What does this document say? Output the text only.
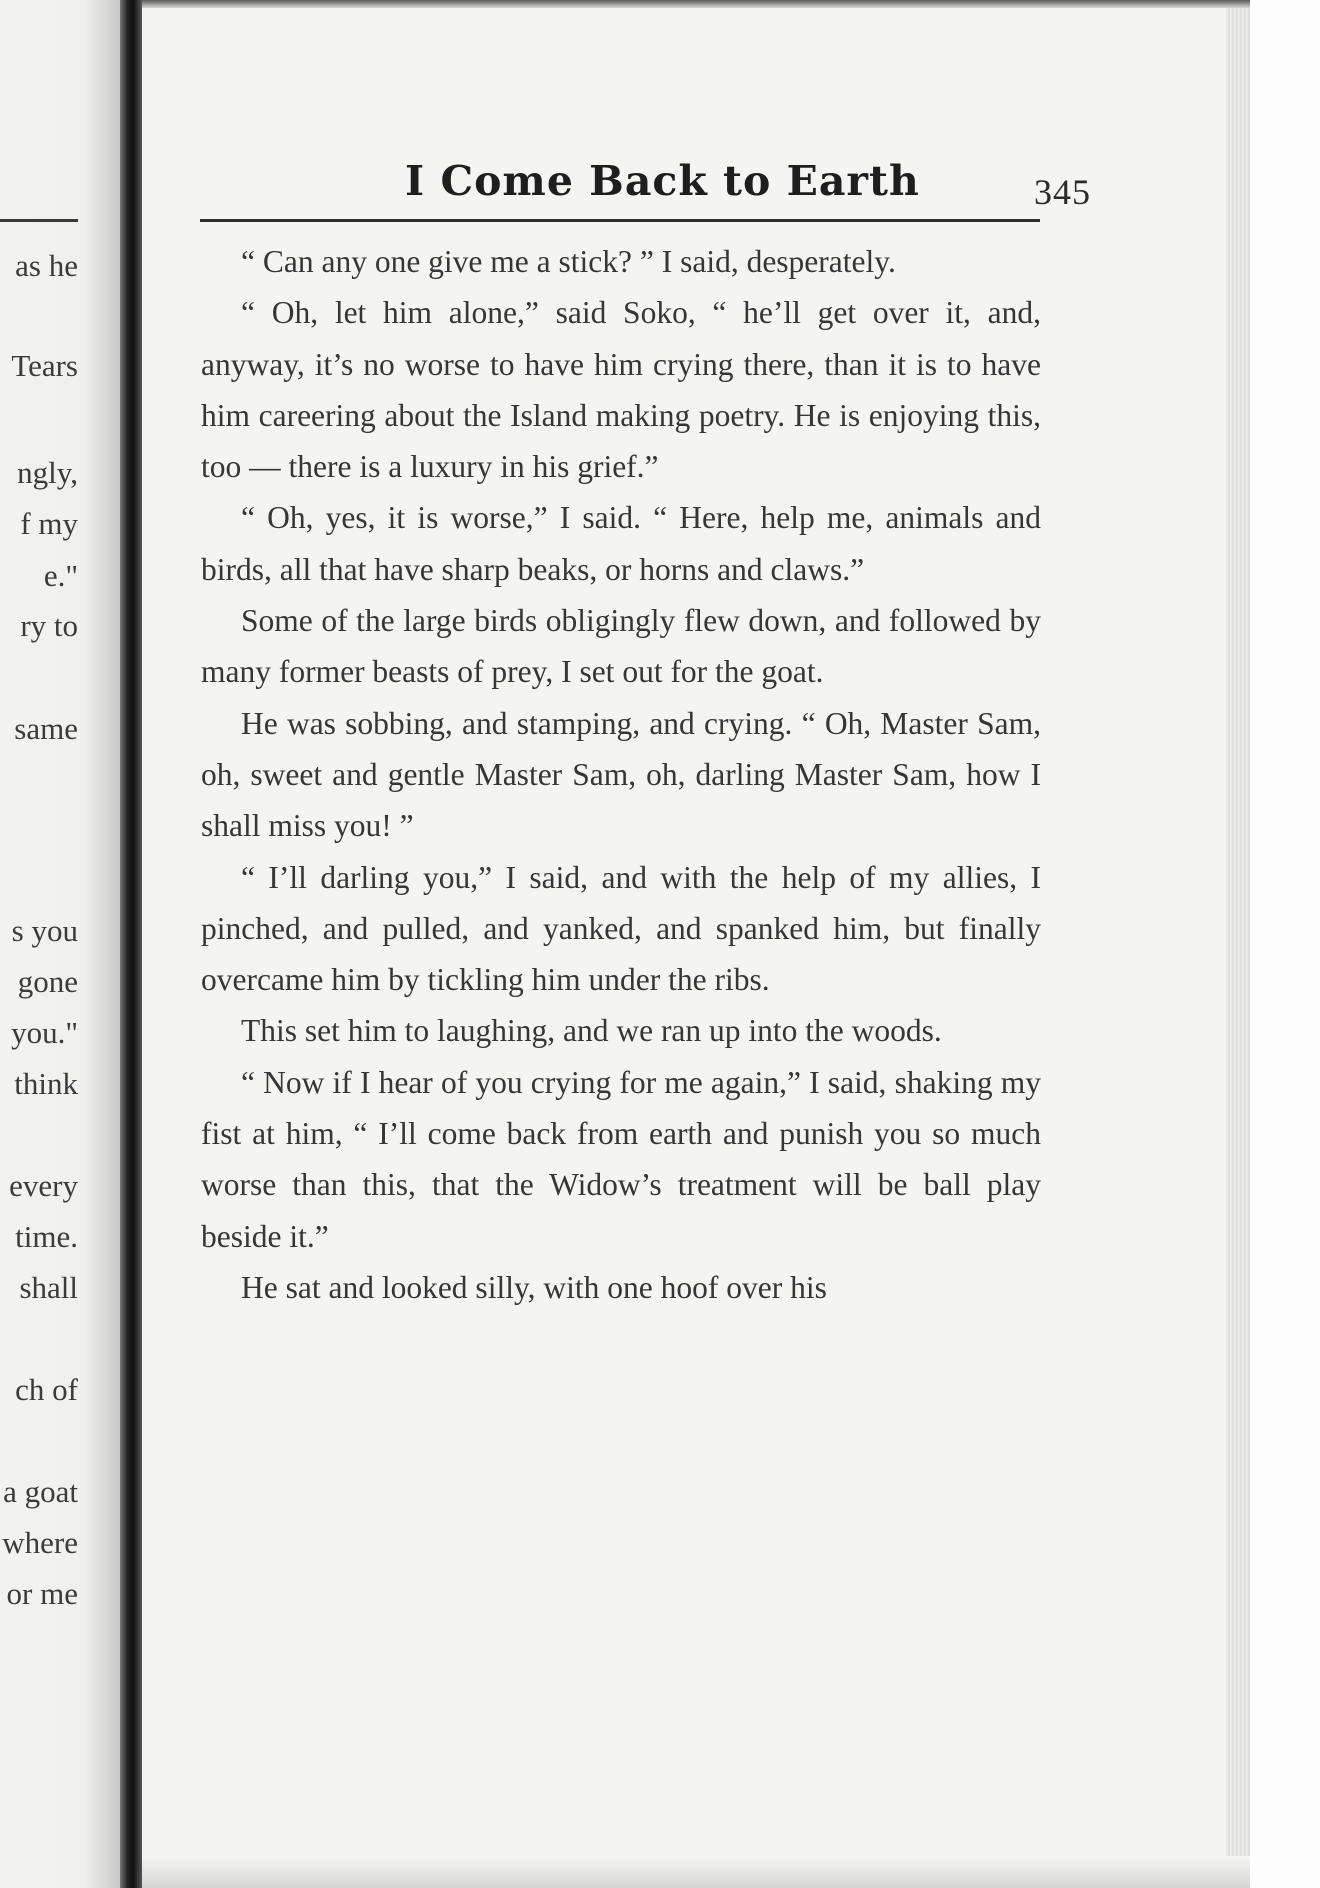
as he
Tears
ngly,
f my
e."
ry to
same
s you
gone
you."
think
every
time.
shall
ch of
a goat
where
or me
I Come Back to Earth	345

“ Can any one give me a stick? ” I said, desperately.

“ Oh, let him alone,” said Soko, “ he’ll get over it, and, anyway, it’s no worse to have him crying there, than it is to have him careering about the Island making poetry. He is enjoying this, too — there is a luxury in his grief.”

“ Oh, yes, it is worse,” I said. “ Here, help me, animals and birds, all that have sharp beaks, or horns and claws.”

Some of the large birds obligingly flew down, and followed by many former beasts of prey, I set out for the goat.

He was sobbing, and stamping, and crying. “ Oh, Master Sam, oh, sweet and gentle Master Sam, oh, darling Master Sam, how I shall miss you! ”

“ I’ll darling you,” I said, and with the help of my allies, I pinched, and pulled, and yanked, and spanked him, but finally overcame him by tickling him under the ribs.

This set him to laughing, and we ran up into the woods.

“ Now if I hear of you crying for me again,” I said, shaking my fist at him, “ I’ll come back from earth and punish you so much worse than this, that the Widow’s treatment will be ball play beside it.”

He sat and looked silly, with one hoof over his
